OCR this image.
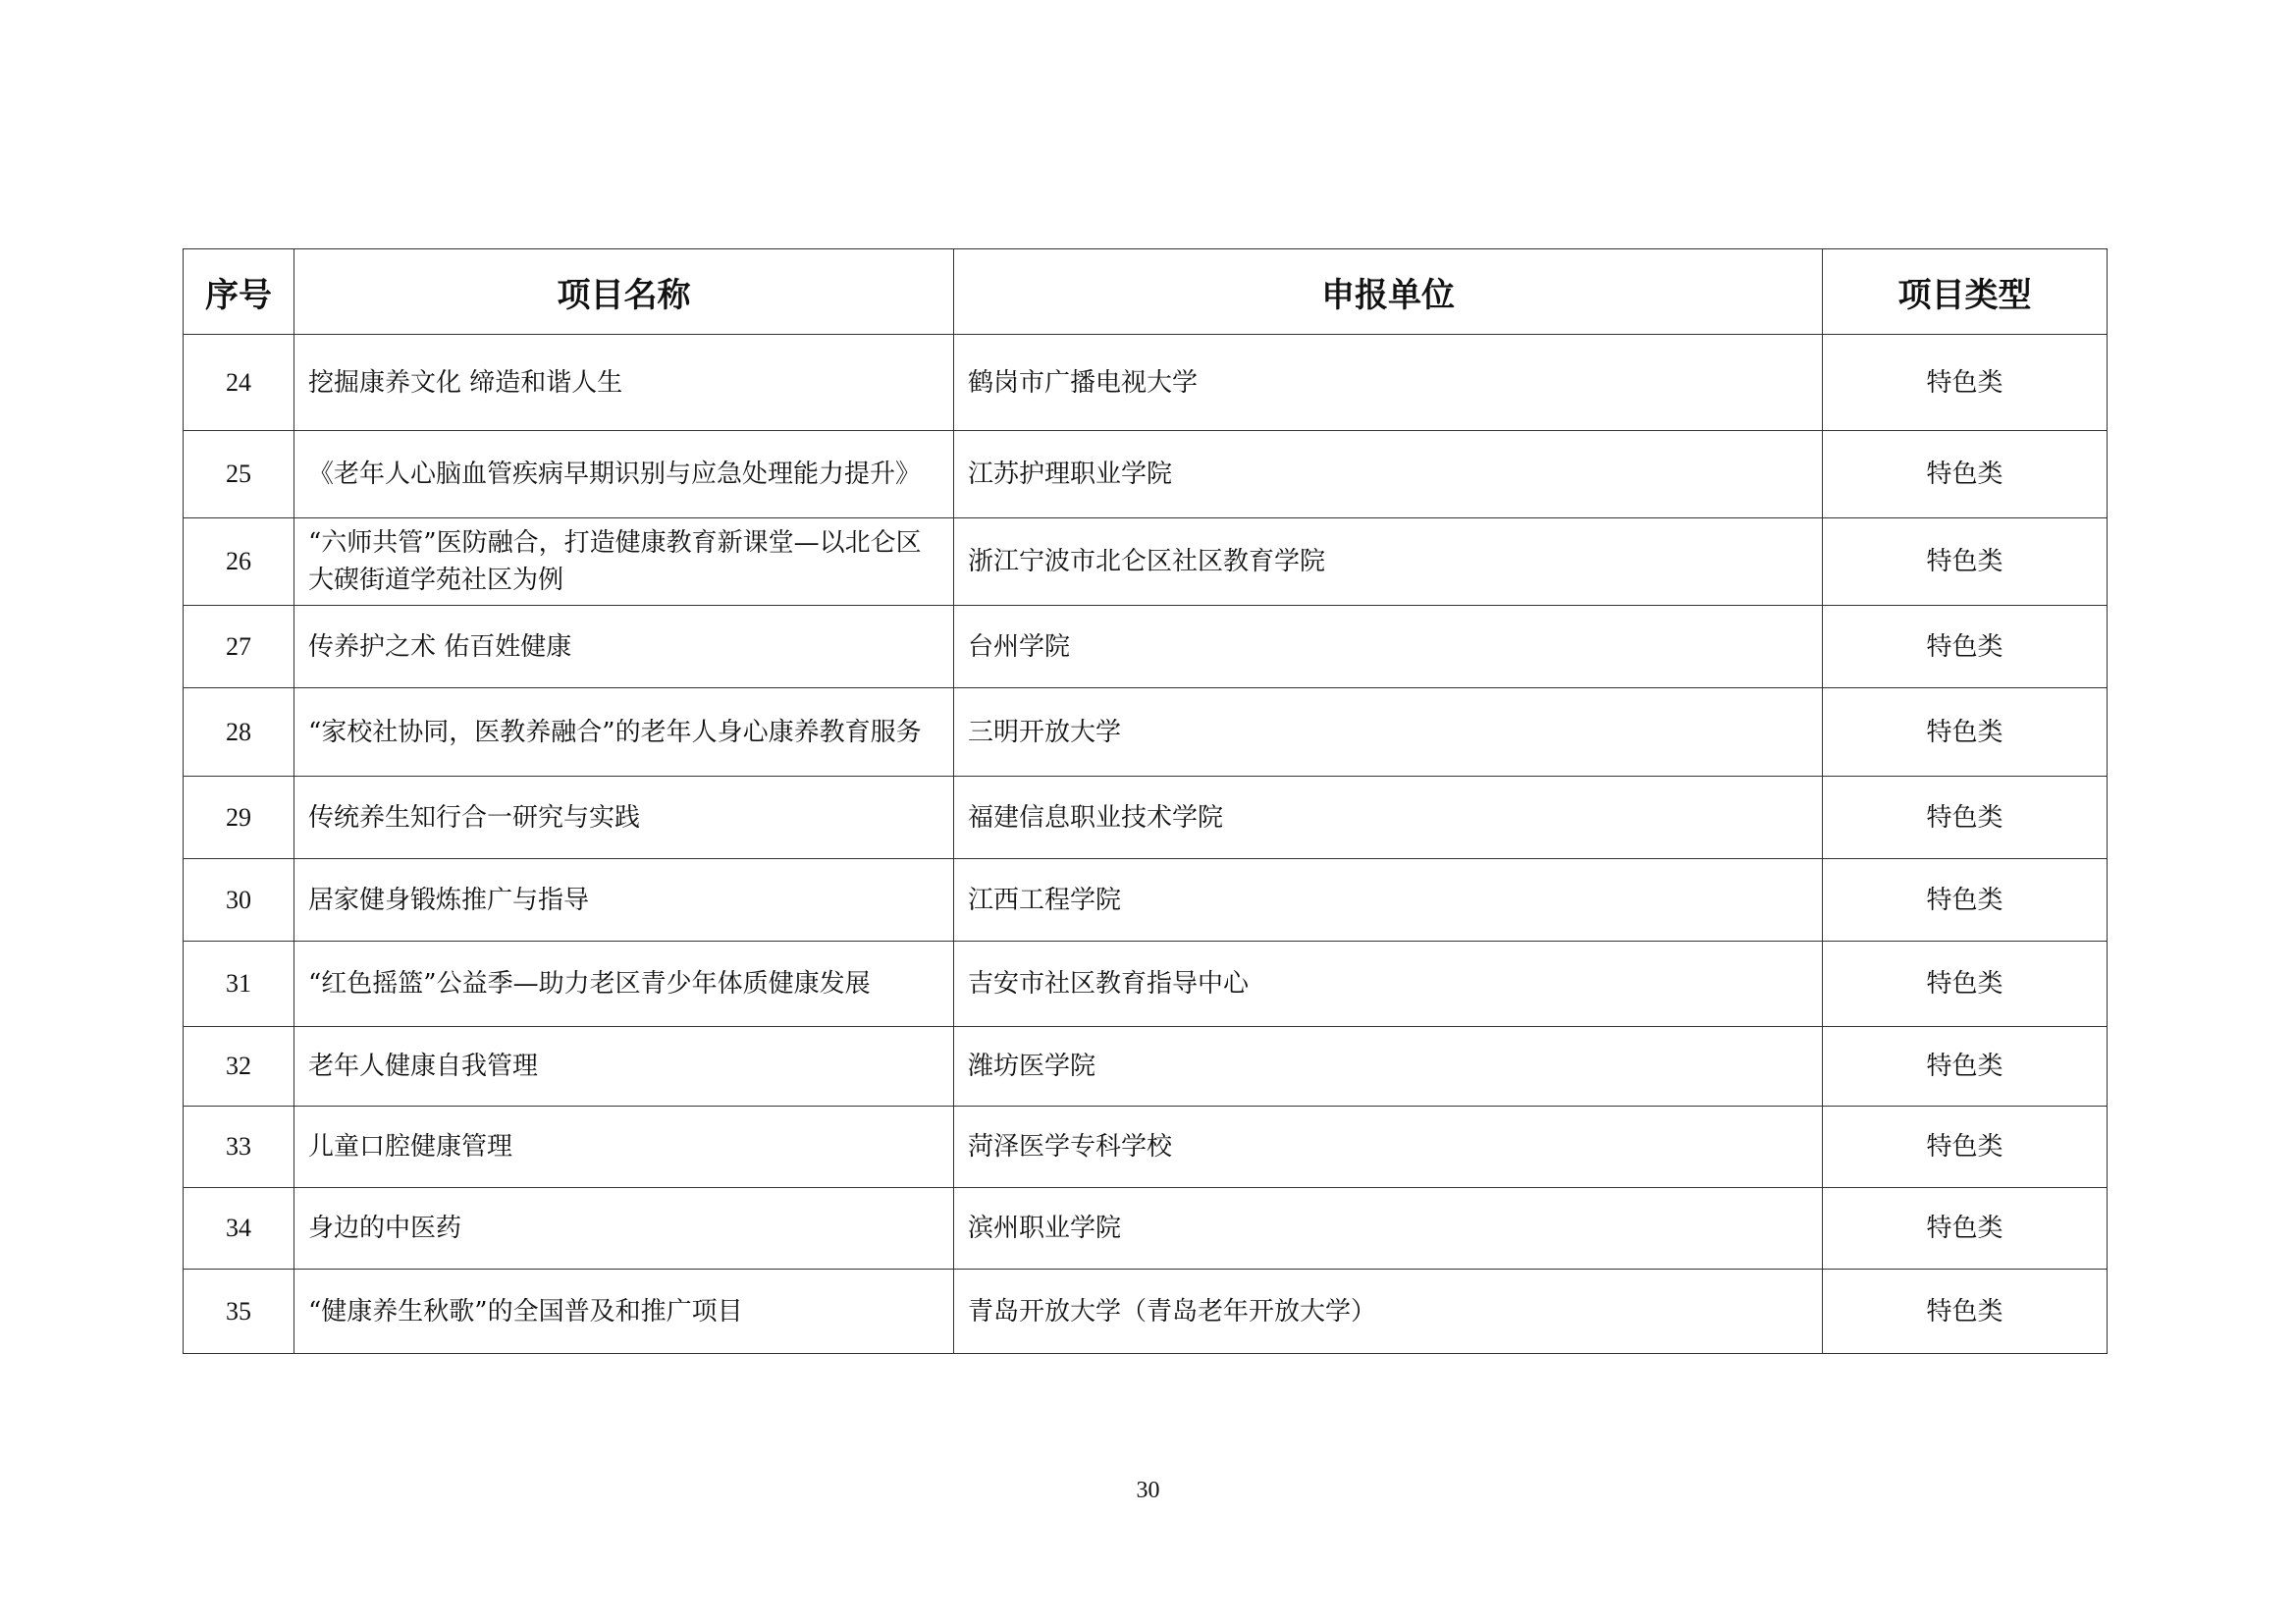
序号	项目名称	申报单位	项目类型
24	挖掘康养文化 缔造和谐人生	鹤岗市广播电视大学	特色类
25	《老年人心脑血管疾病早期识别与应急处理能力提升》	江苏护理职业学院	特色类
26	“六师共管”医防融合，打造健康教育新课堂—以北仑区大碶街道学苑社区为例	浙江宁波市北仑区社区教育学院	特色类
27	传养护之术 佑百姓健康	台州学院	特色类
28	“家校社协同，医教养融合”的老年人身心康养教育服务	三明开放大学	特色类
29	传统养生知行合一研究与实践	福建信息职业技术学院	特色类
30	居家健身锻炼推广与指导	江西工程学院	特色类
31	“红色摇篮”公益季—助力老区青少年体质健康发展	吉安市社区教育指导中心	特色类
32	老年人健康自我管理	潍坊医学院	特色类
33	儿童口腔健康管理	菏泽医学专科学校	特色类
34	身边的中医药	滨州职业学院	特色类
35	“健康养生秋歌”的全国普及和推广项目	青岛开放大学（青岛老年开放大学）	特色类
30
